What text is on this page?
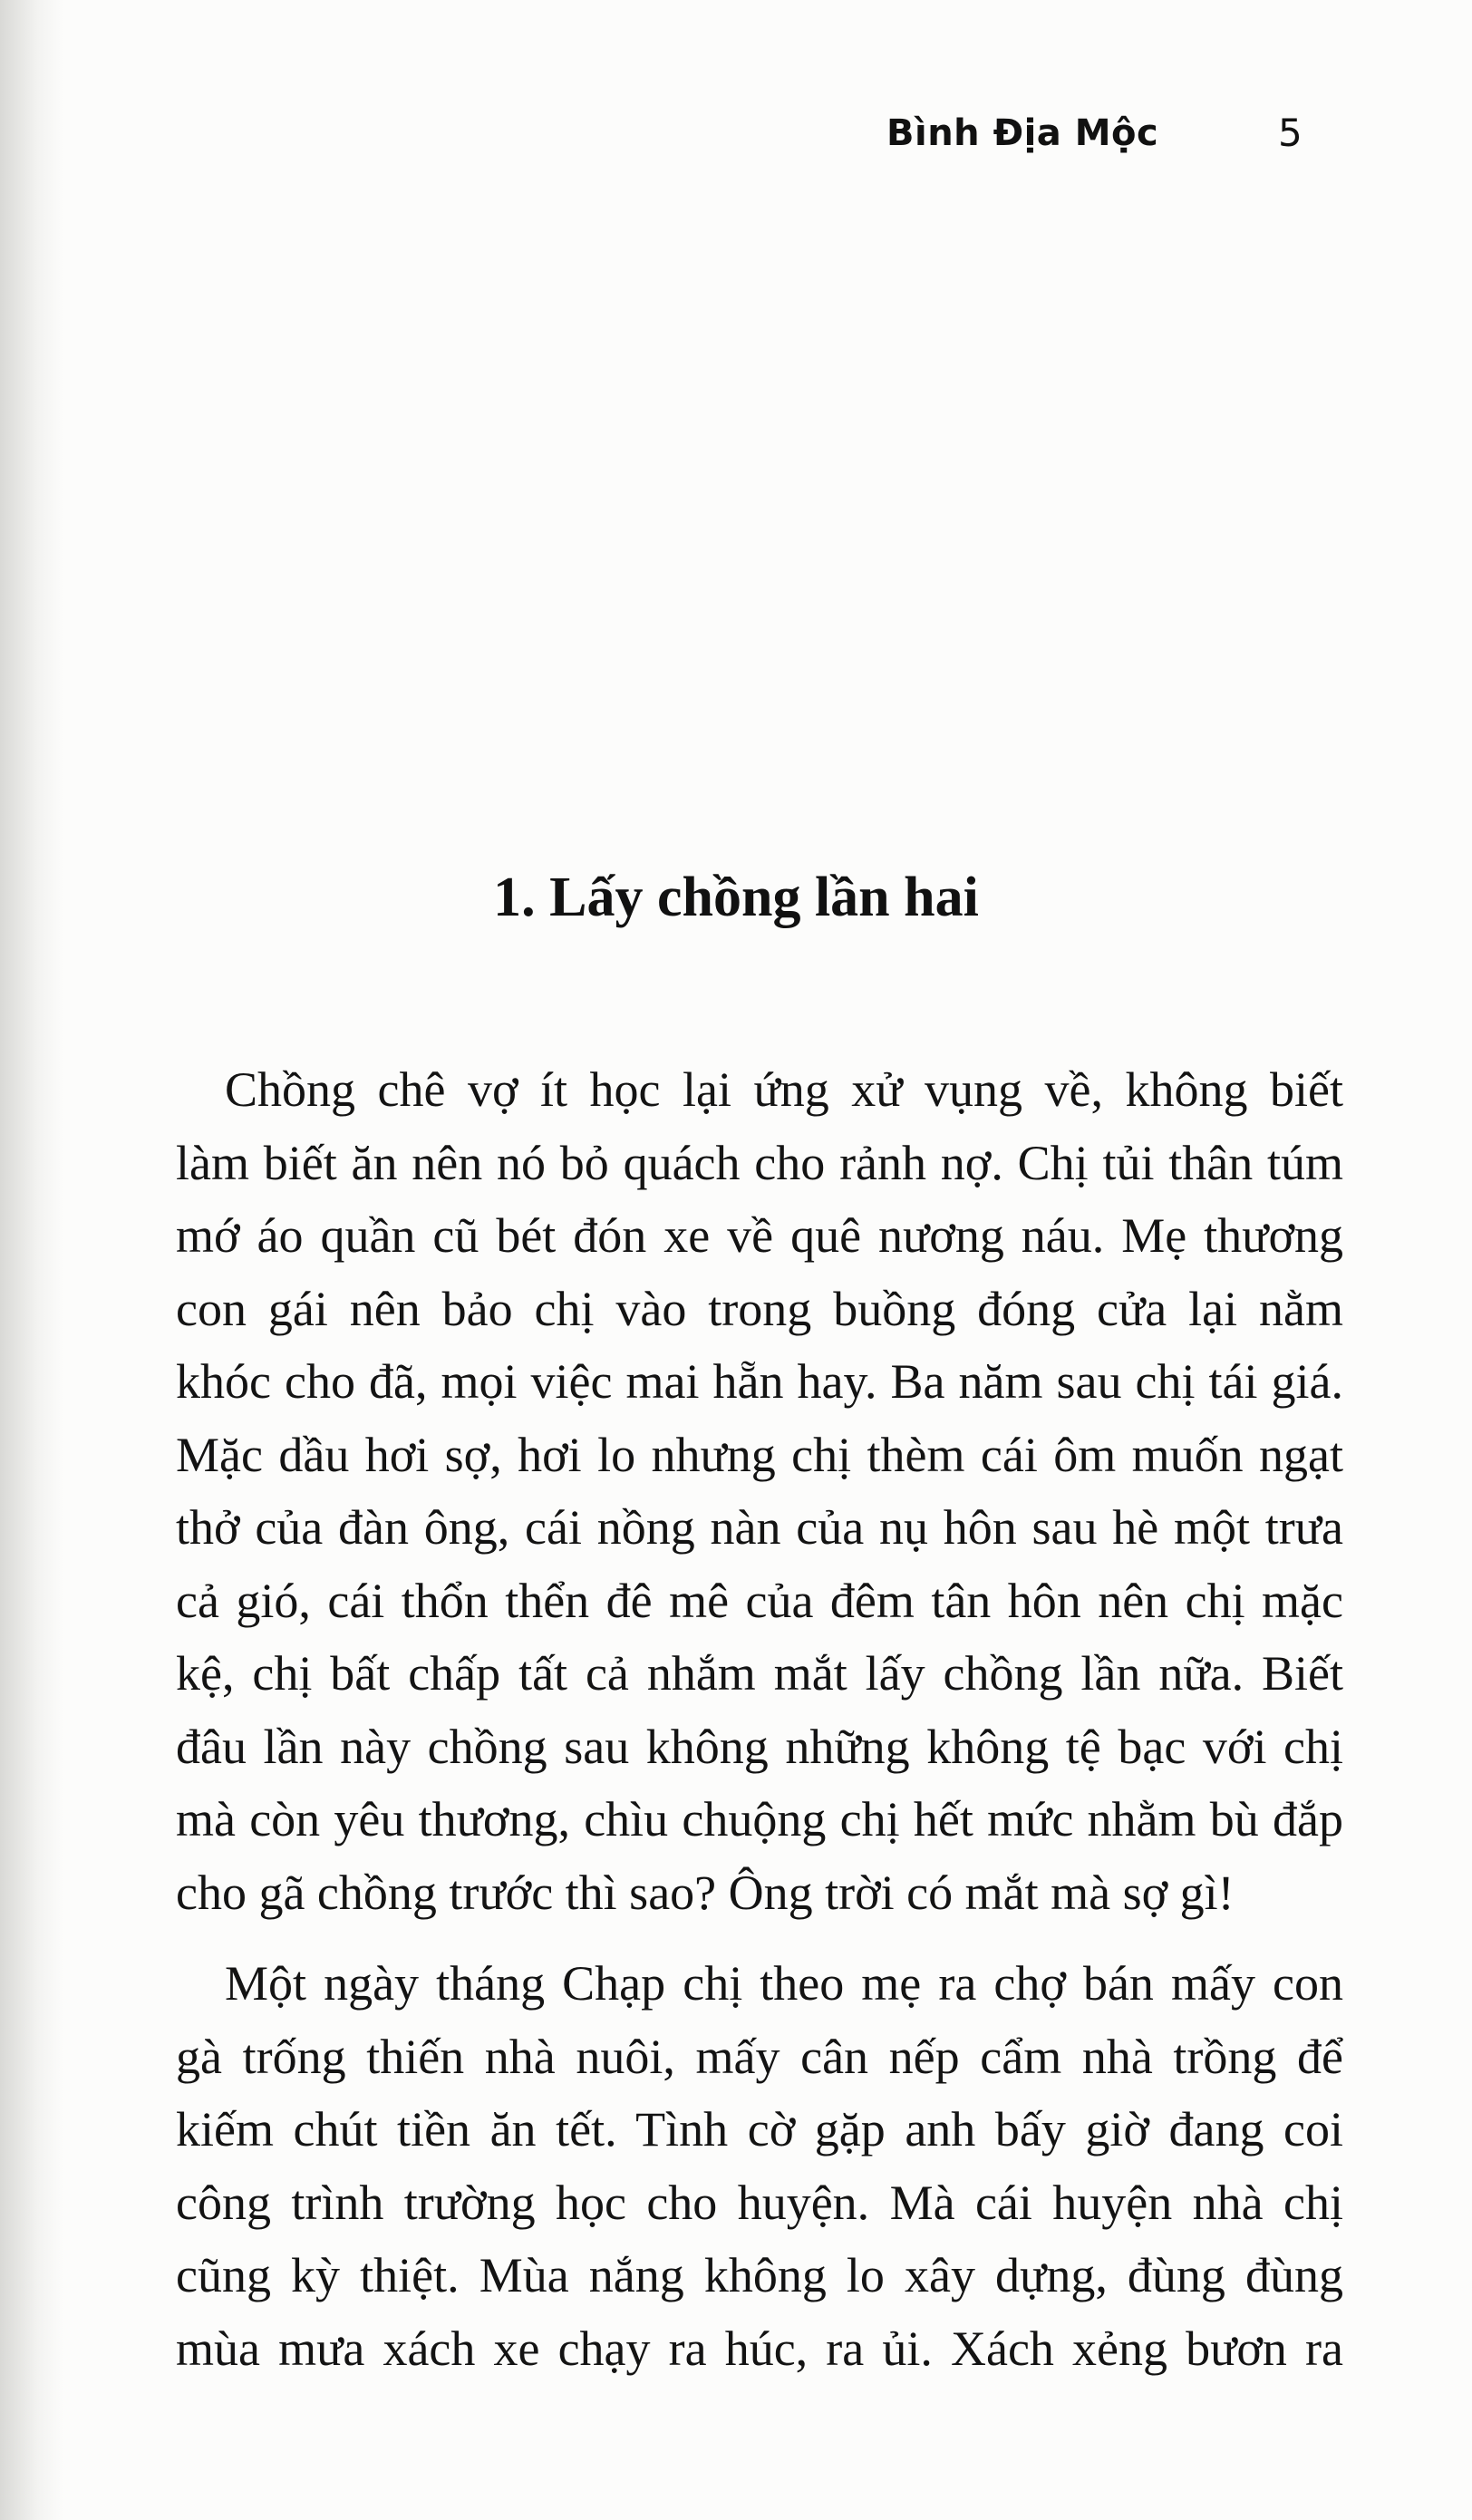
Bình Địa Mộc	5
1. Lấy chồng lần hai

Chồng chê vợ ít học lại ứng xử vụng về, không biết
làm biết ăn nên nó bỏ quách cho rảnh nợ. Chị tủi thân túm
mớ áo quần cũ bét đón xe về quê nương náu. Mẹ thương
con gái nên bảo chị vào trong buồng đóng cửa lại nằm
khóc cho đã, mọi việc mai hẵn hay. Ba năm sau chị tái giá.
Mặc dầu hơi sợ, hơi lo nhưng chị thèm cái ôm muốn ngạt
thở của đàn ông, cái nồng nàn của nụ hôn sau hè một trưa
cả gió, cái thổn thển đê mê của đêm tân hôn nên chị mặc
kệ, chị bất chấp tất cả nhắm mắt lấy chồng lần nữa. Biết
đâu lần này chồng sau không những không tệ bạc với chị
mà còn yêu thương, chìu chuộng chị hết mức nhằm bù đắp
cho gã chồng trước thì sao? Ông trời có mắt mà sợ gì!

Một ngày tháng Chạp chị theo mẹ ra chợ bán mấy con
gà trống thiến nhà nuôi, mấy cân nếp cẩm nhà trồng để
kiếm chút tiền ăn tết. Tình cờ gặp anh bấy giờ đang coi
công trình trường học cho huyện. Mà cái huyện nhà chị
cũng kỳ thiệt. Mùa nắng không lo xây dựng, đùng đùng
mùa mưa xách xe chạy ra húc, ra ủi. Xách xẻng bươn ra
